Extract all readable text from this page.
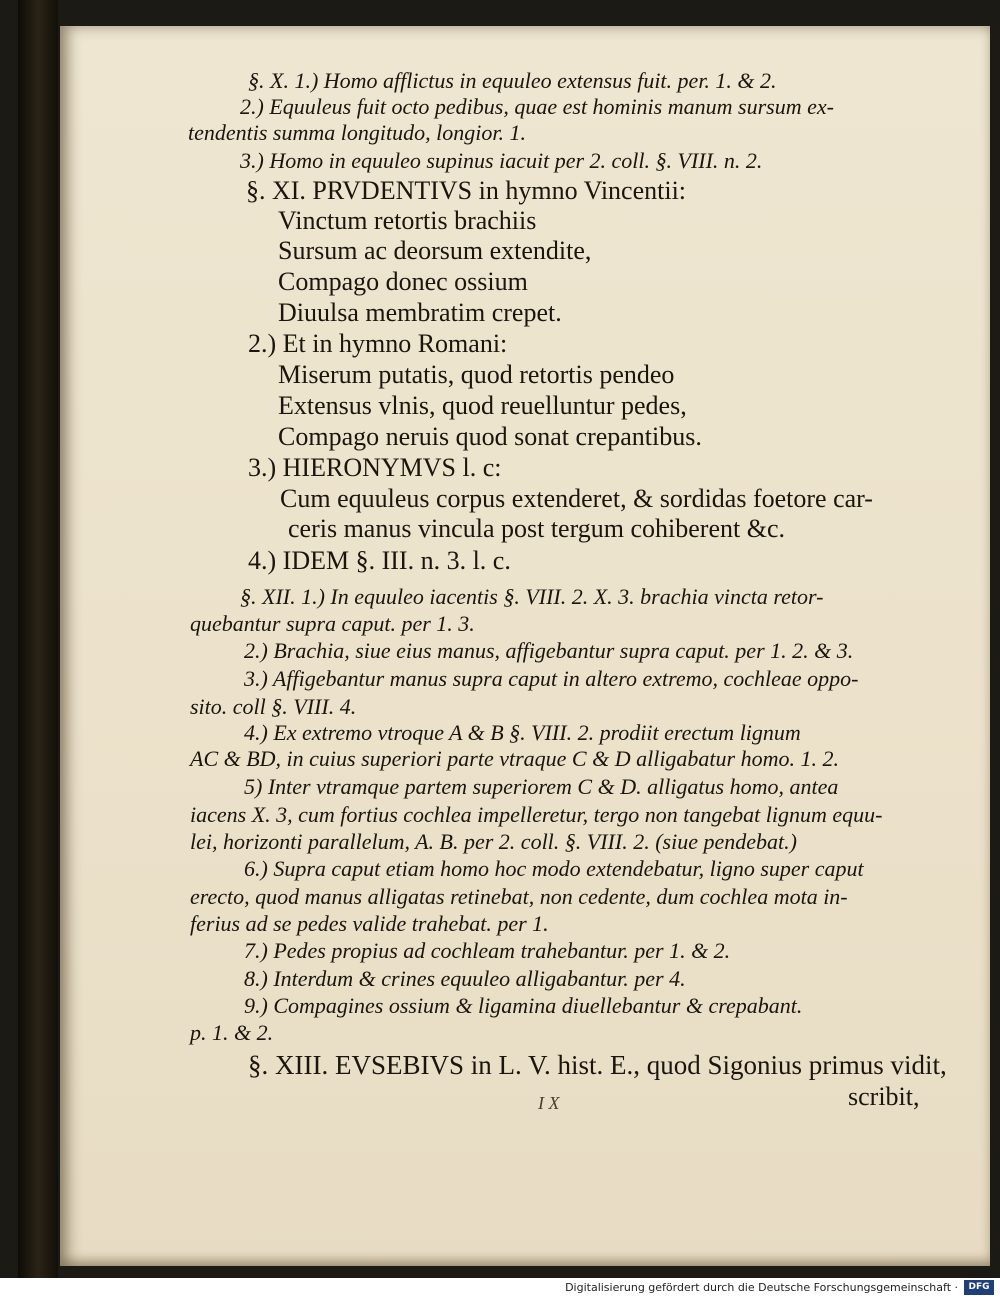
§. X. 1.) Homo afflictus in equuleo extensus fuit. per. 1. & 2.
2.) Equuleus fuit octo pedibus, quae est hominis manum sursum ex-
tendentis summa longitudo, longior. 1.
3.) Homo in equuleo supinus iacuit per 2. coll. §. VIII. n. 2.
§. XI. PRVDENTIVS in hymno Vincentii:
Vinctum retortis brachiis
Sursum ac deorsum extendite,
Compago donec ossium
Diuulsa membratim crepet.
2.) Et in hymno Romani:
Miserum putatis, quod retortis pendeo
Extensus vlnis, quod reuelluntur pedes,
Compago neruis quod sonat crepantibus.
3.) HIERONYMVS l. c:
Cum equuleus corpus extenderet, & sordidas foetore car-
ceris manus vincula post tergum cohiberent &c.
4.) IDEM §. III. n. 3. l. c.
§. XII. 1.) In equuleo iacentis §. VIII. 2. X. 3. brachia vincta retor-
quebantur supra caput. per 1. 3.
2.) Brachia, siue eius manus, affigebantur supra caput. per 1. 2. & 3.
3.) Affigebantur manus supra caput in altero extremo, cochleae oppo-
sito. coll §. VIII. 4.
4.) Ex extremo vtroque A & B §. VIII. 2. prodiit erectum lignum
AC & BD, in cuius superiori parte vtraque C & D alligabatur homo. 1. 2.
5) Inter vtramque partem superiorem C & D. alligatus homo, antea
iacens X. 3, cum fortius cochlea impelleretur, tergo non tangebat lignum equu-
lei, horizonti parallelum, A. B. per 2. coll. §. VIII. 2. (siue pendebat.)
6.) Supra caput etiam homo hoc modo extendebatur, ligno super caput
erecto, quod manus alligatas retinebat, non cedente, dum cochlea mota in-
ferius ad se pedes valide trahebat. per 1.
7.) Pedes propius ad cochleam trahebantur. per 1. & 2.
8.) Interdum & crines equuleo alligabantur. per 4.
9.) Compagines ossium & ligamina diuellebantur & crepabant.
p. 1. & 2.
§. XIII. EVSEBIVS in L. V. hist. E., quod Sigonius primus vidit,
scribit,
I X
Digitalisierung gefördert durch die Deutsche Forschungsgemeinschaft ·	DFG
